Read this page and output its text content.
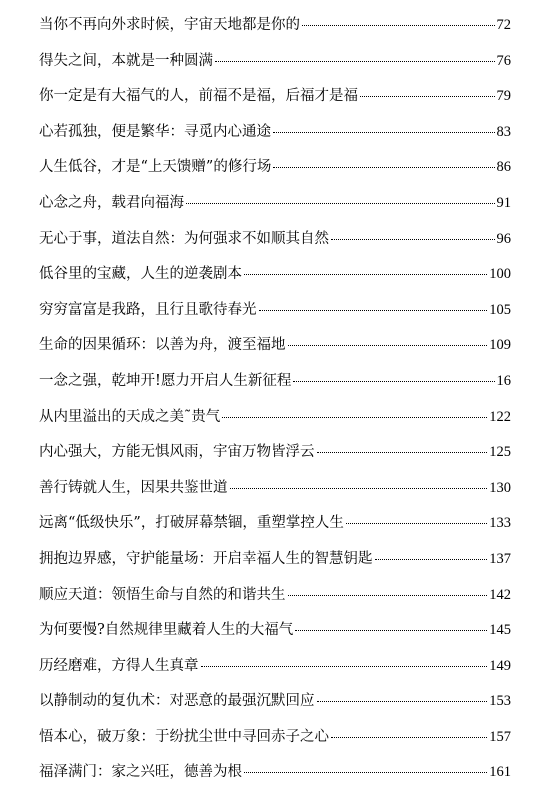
当你不再向外求时候，宇宙天地都是你的	72
得失之间，本就是一种圆满	76
你一定是有大福气的人，前福不是福，后福才是福	79
心若孤独，便是繁华：寻觅内心通途	83
人生低谷，才是“上天馈赠”的修行场	86
心念之舟，载君向福海	91
无心于事，道法自然：为何强求不如顺其自然	96
低谷里的宝藏，人生的逆袭剧本	100
穷穷富富是我路，且行且歌待春光	105
生命的因果循环：以善为舟，渡至福地	109
一念之强，乾坤开!愿力开启人生新征程	16
从内里溢出的天成之美˜贵气	122
内心强大，方能无惧风雨，宇宙万物皆浮云	125
善行铸就人生，因果共鉴世道	130
远离“低级快乐”，打破屏幕禁锢，重塑掌控人生	133
拥抱边界感，守护能量场：开启幸福人生的智慧钥匙	137
顺应天道：领悟生命与自然的和谐共生	142
为何要慢?自然规律里藏着人生的大福气	145
历经磨难，方得人生真章	149
以静制动的复仇术：对恶意的最强沉默回应	153
悟本心，破万象：于纷扰尘世中寻回赤子之心	157
福泽满门：家之兴旺，德善为根	161
